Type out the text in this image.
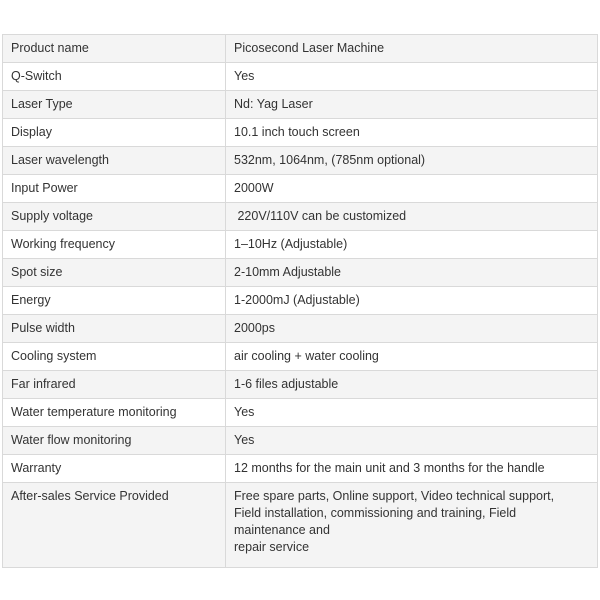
Product name	Picosecond Laser Machine
Q-Switch	Yes
Laser Type	Nd: Yag Laser
Display	10.1 inch touch screen
Laser wavelength	532nm, 1064nm, (785nm optional)
Input Power	2000W
Supply voltage	220V/110V can be customized
Working frequency	1–10Hz (Adjustable)
Spot size	2-10mm Adjustable
Energy	1-2000mJ (Adjustable)
Pulse width	2000ps
Cooling system	air cooling + water cooling
Far infrared	1-6 files adjustable
Water temperature monitoring	Yes
Water flow monitoring	Yes
Warranty	12 months for the main unit and 3 months for the handle
After-sales Service Provided	Free spare parts, Online support, Video technical support,
Field installation, commissioning and training, Field
maintenance and
repair service
